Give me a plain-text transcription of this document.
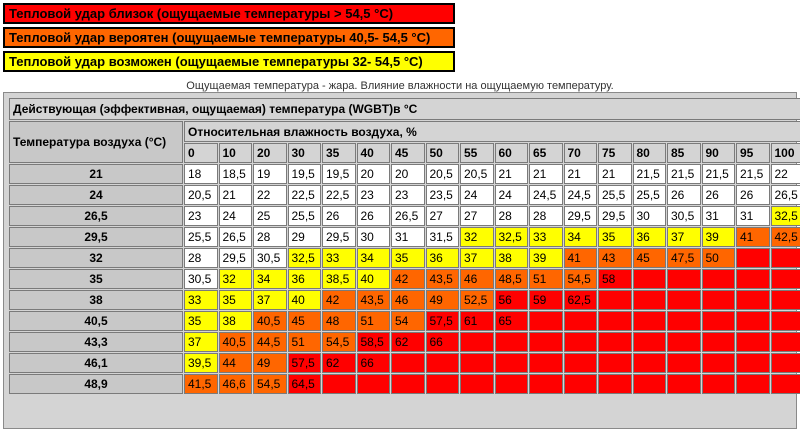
Тепловой удар близок (ощущаемые температуры > 54,5 °C)
Тепловой удар вероятен (ощущаемые температуры 40,5- 54,5 °C)
Тепловой удар возможен (ощущаемые температуры 32- 54,5 °C)
Ощущаемая температура - жара. Влияние влажности на ощущаемую температуру.
Действующая (эффективная, ощущаемая) температура (WGBT)в °С																		
Температура воздуха (°С)	Относительная влажность воздуха, %																	
	0	10	20	30	35	40	45	50	55	60	65	70	75	80	85	90	95	100
21	18	18,5	19	19,5	19,5	20	20	20,5	20,5	21	21	21	21	21,5	21,5	21,5	21,5	22
24	20,5	21	22	22,5	22,5	23	23	23,5	24	24	24,5	24,5	25,5	25,5	26	26	26	26,5
26,5	23	24	25	25,5	26	26	26,5	27	27	28	28	29,5	29,5	30	30,5	31	31	32,5
29,5	25,5	26,5	28	29	29,5	30	31	31,5	32	32,5	33	34	35	36	37	39	41	42,5
32	28	29,5	30,5	32,5	33	34	35	36	37	38	39	41	43	45	47,5	50		
35	30,5	32	34	36	38,5	40	42	43,5	46	48,5	51	54,5	58					
38	33	35	37	40	42	43,5	46	49	52,5	56	59	62,5						
40,5	35	38	40,5	45	48	51	54	57,5	61	65								
43,3	37	40,5	44,5	51	54,5	58,5	62	66										
46,1	39,5	44	49	57,5	62	66												
48,9	41,5	46,6	54,5	64,5														
